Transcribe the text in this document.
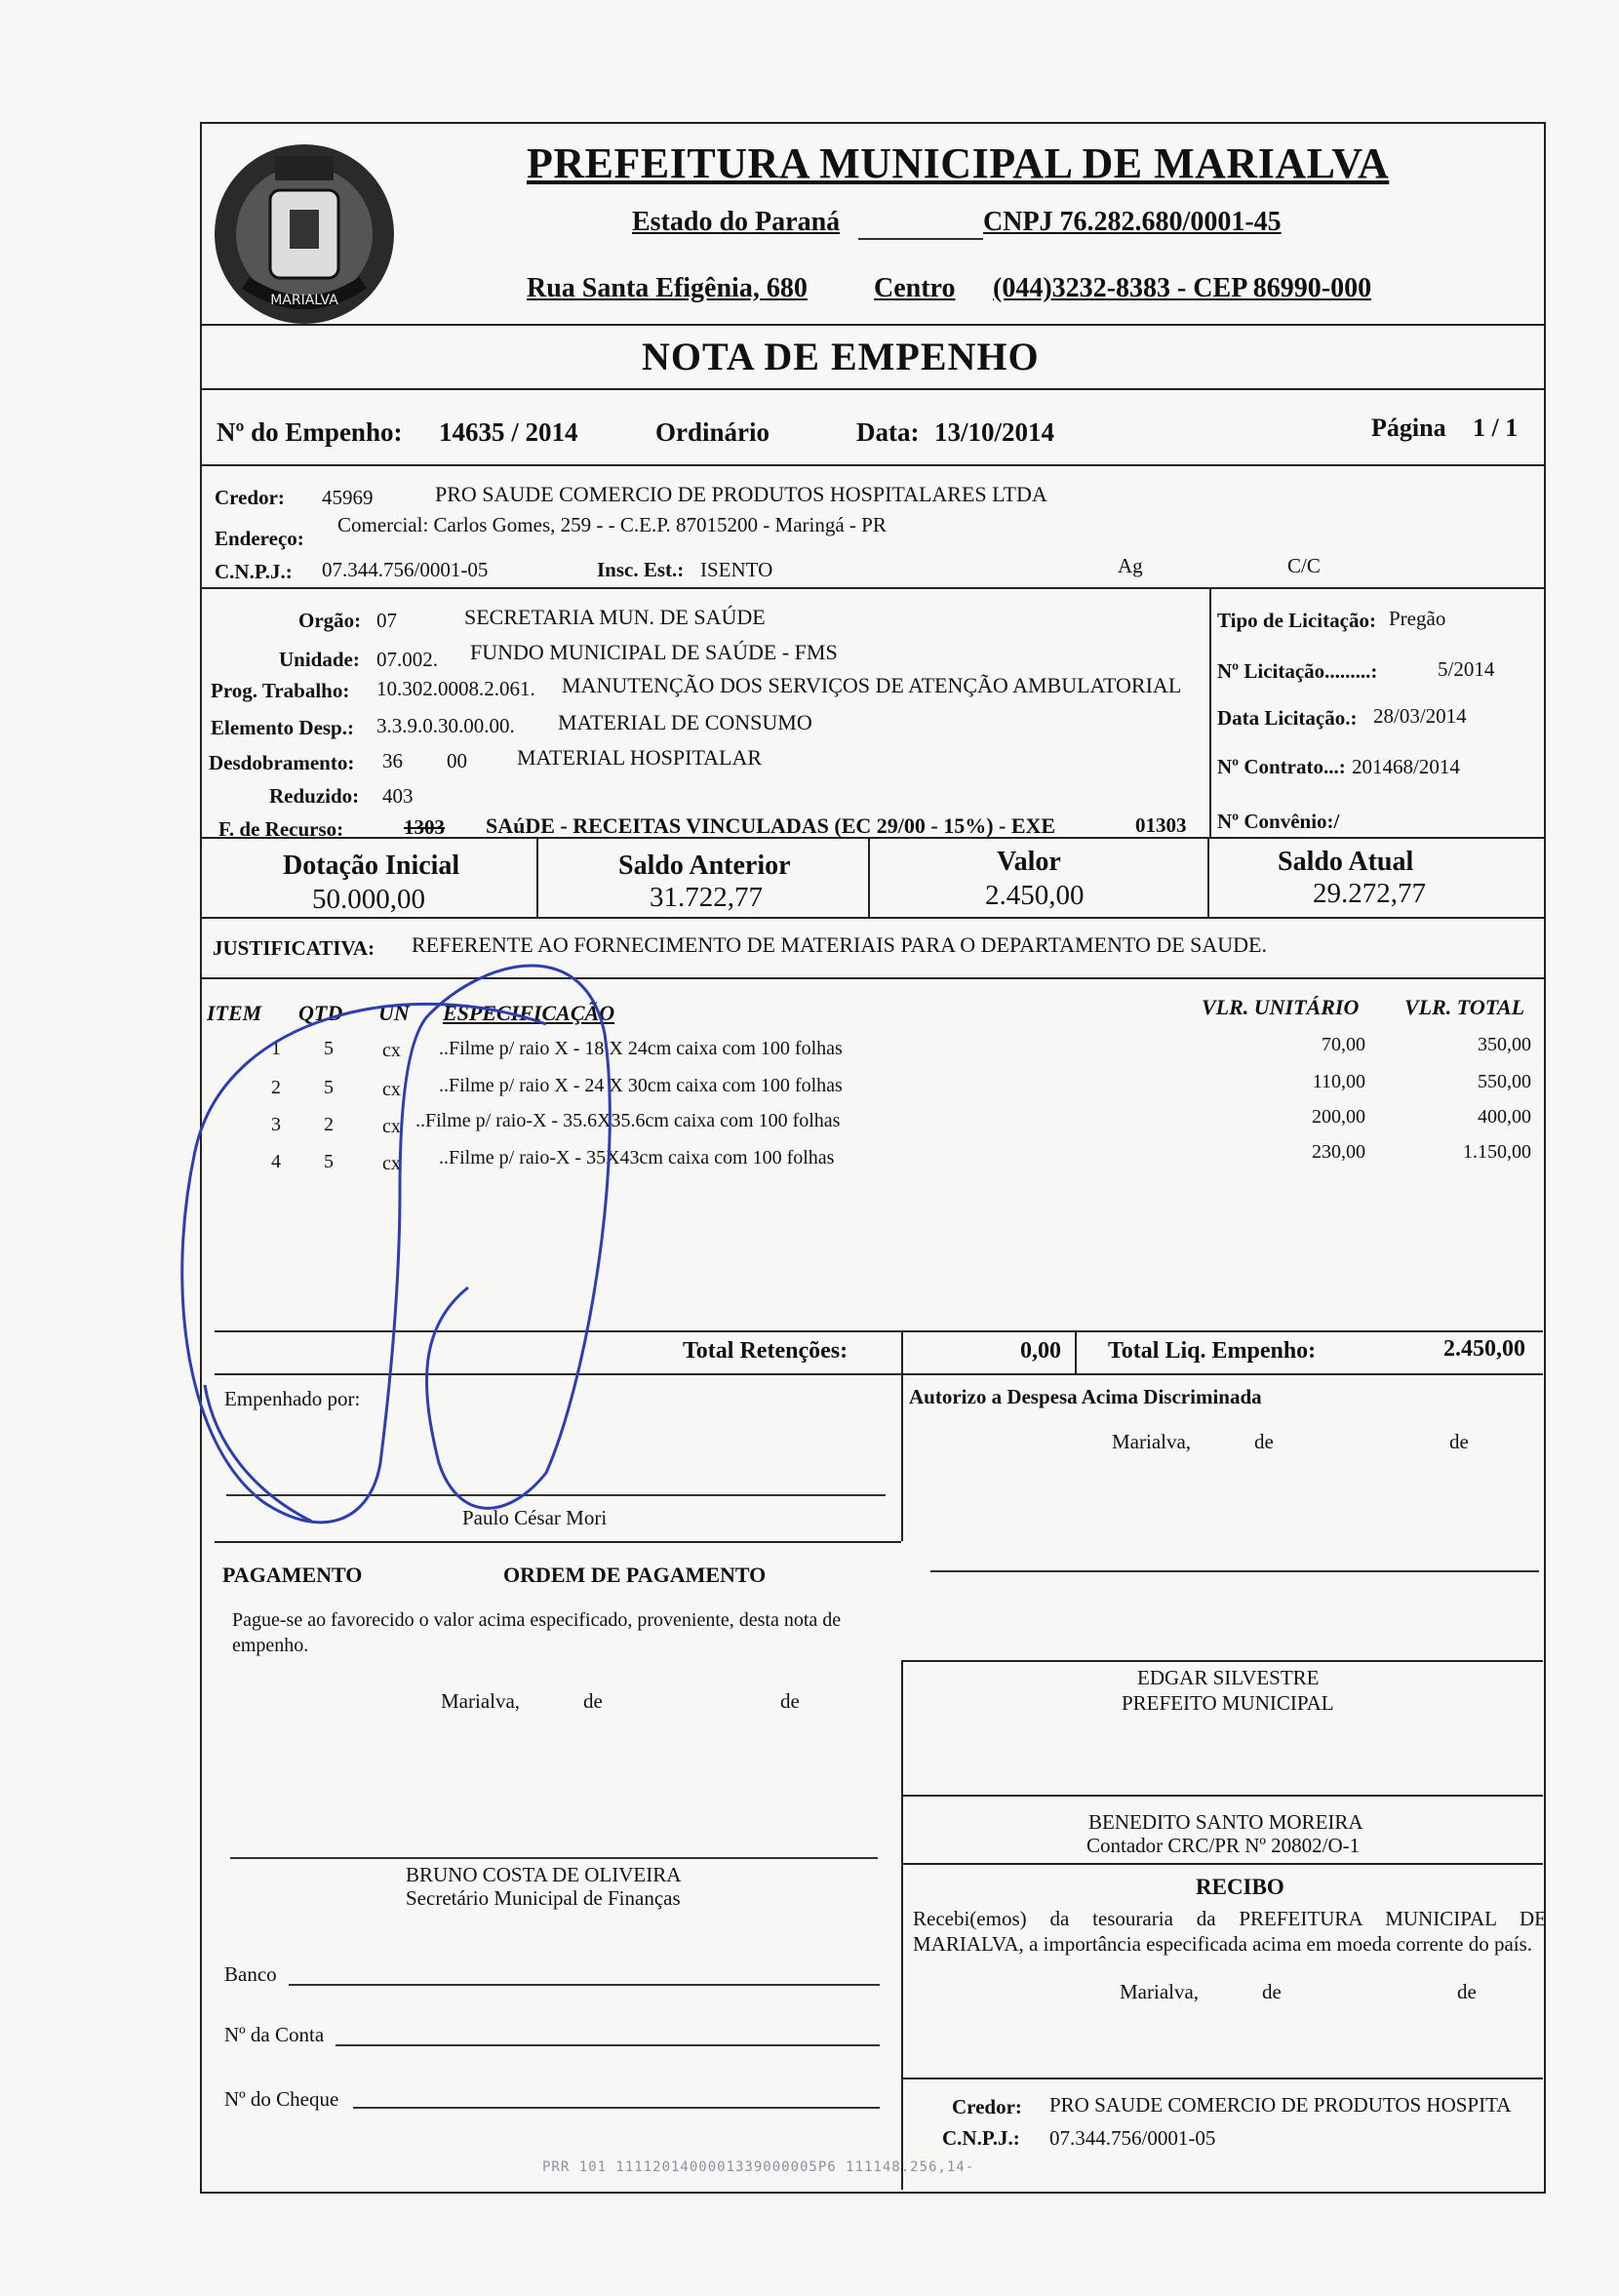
MARIALVA
PREFEITURA MUNICIPAL DE MARIALVA
Estado do Paraná	CNPJ 76.282.680/0001-45
Rua Santa Efigênia, 680 Centro (044)3232-8383 - CEP 86990-000
NOTA DE EMPENHO
Nº do Empenho: 14635 / 2014	Ordinário	Data: 13/10/2014	Página 1 / 1
Credor: 45969	PRO SAUDE COMERCIO DE PRODUTOS HOSPITALARES LTDA
Endereço:
Comercial: Carlos Gomes, 259 - - C.E.P. 87015200 - Maringá - PR
C.N.P.J.: 07.344.756/0001-05	Insc. Est.: ISENTO	Ag	C/C
Orgão: 07	SECRETARIA MUN. DE SAÚDE
Unidade: 07.002. FUNDO MUNICIPAL DE SAÚDE - FMS
Prog. Trabalho: 10.302.0008.2.061. MANUTENÇÃO DOS SERVIÇOS DE ATENÇÃO AMBULATORIAL
Elemento Desp.: 3.3.9.0.30.00.00. MATERIAL DE CONSUMO
Desdobramento: 36 00 MATERIAL HOSPITALAR
Reduzido: 403
F. de Recurso:	1303 SAúDE - RECEITAS VINCULADAS (EC 29/00 - 15%) - EXE	01303
Tipo de Licitação: Pregão
Nº Licitação.........:	5/2014
Data Licitação.: 28/03/2014
Nº Contrato...: 201468/2014
Nº Convênio:/
Dotação Inicial
50.000,00
Saldo Anterior
31.722,77
Valor
2.450,00
Saldo Atual
29.272,77
JUSTIFICATIVA: REFERENTE AO FORNECIMENTO DE MATERIAIS PARA O DEPARTAMENTO DE SAUDE.
ITEM QTD UN ESPECIFICAÇÃO	VLR. UNITÁRIO VLR. TOTAL
1 5	cx ..Filme p/ raio X - 18 X 24cm caixa com 100 folhas	70,00	350,00
2 5	cx ..Filme p/ raio X - 24 X 30cm caixa com 100 folhas	110,00	550,00
3 2	cx ..Filme p/ raio-X - 35.6X35.6cm caixa com 100 folhas	200,00	400,00
4 5	cx ..Filme p/ raio-X - 35X43cm caixa com 100 folhas	230,00	1.150,00
Total Retenções:	0,00 Total Liq. Empenho:	2.450,00
Empenhado por:
Paulo César Mori
Autorizo a Despesa Acima Discriminada
Marialva,	de	de
PAGAMENTO	ORDEM DE PAGAMENTO
Pague-se ao favorecido o valor acima especificado, proveniente, desta nota de empenho.
Marialva,	de	de
EDGAR SILVESTRE
PREFEITO MUNICIPAL
BENEDITO SANTO MOREIRA
Contador CRC/PR Nº 20802/O-1
BRUNO COSTA DE OLIVEIRA
Secretário Municipal de Finanças	RECIBO
Recebi(emos) da tesouraria da PREFEITURA MUNICIPAL DE MARIALVA, a importância especificada acima em moeda corrente do país.
Marialva,	de	de
Banco
Nº da Conta
Nº do Cheque	Credor: PRO SAUDE COMERCIO DE PRODUTOS HOSPITA
C.N.P.J.: 07.344.756/0001-05
PRR 101 1111201400001339000005P6 111148.256,14-
